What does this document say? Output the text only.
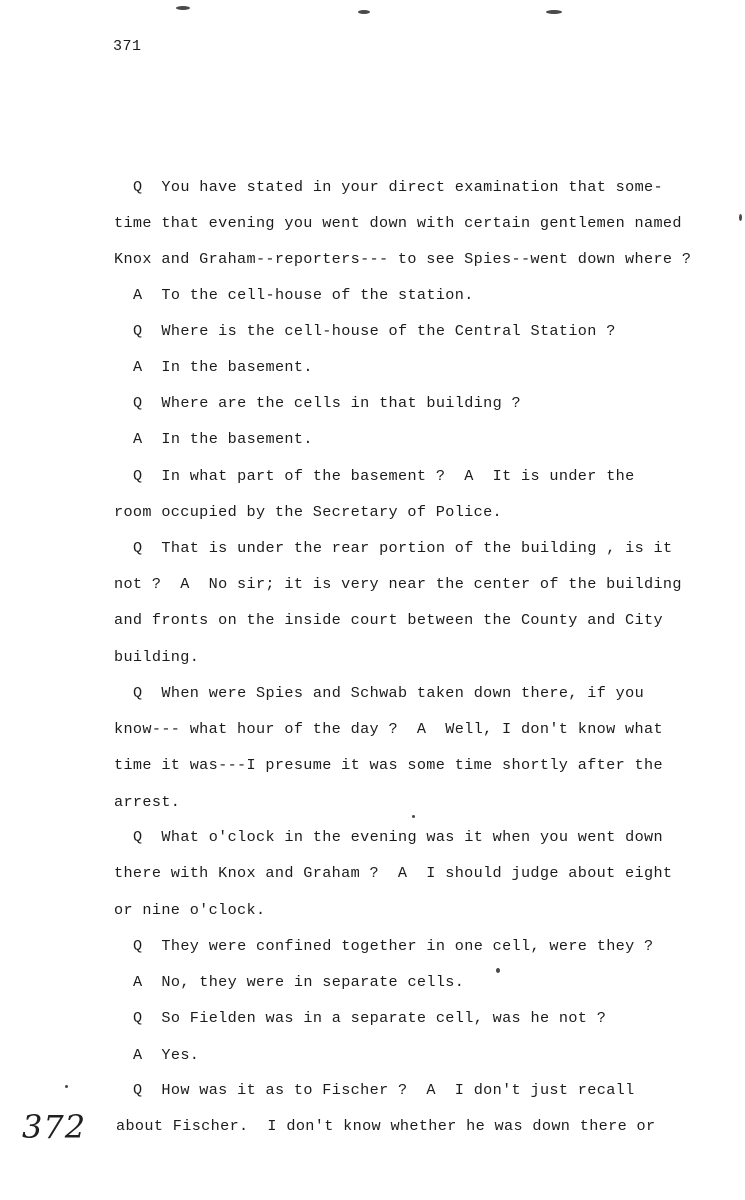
371
Q  You have stated in your direct examination that some-
time that evening you went down with certain gentlemen named
Knox and Graham--reporters--- to see Spies--went down where ?
A  To the cell-house of the station.
Q  Where is the cell-house of the Central Station ?
A  In the basement.
Q  Where are the cells in that building ?
A  In the basement.
Q  In what part of the basement ?  A  It is under the
room occupied by the Secretary of Police.
Q  That is under the rear portion of the building , is it
not ?  A  No sir; it is very near the center of the building
and fronts on the inside court between the County and City
building.
Q  When were Spies and Schwab taken down there, if you
know--- what hour of the day ?  A  Well, I don't know what
time it was---I presume it was some time shortly after the
arrest.
Q  What o'clock in the evening was it when you went down
there with Knox and Graham ?  A  I should judge about eight
or nine o'clock.
Q  They were confined together in one cell, were they ?
A  No, they were in separate cells.
Q  So Fielden was in a separate cell, was he not ?
A  Yes.
Q  How was it as to Fischer ?  A  I don't just recall
about Fischer.  I don't know whether he was down there or
372
